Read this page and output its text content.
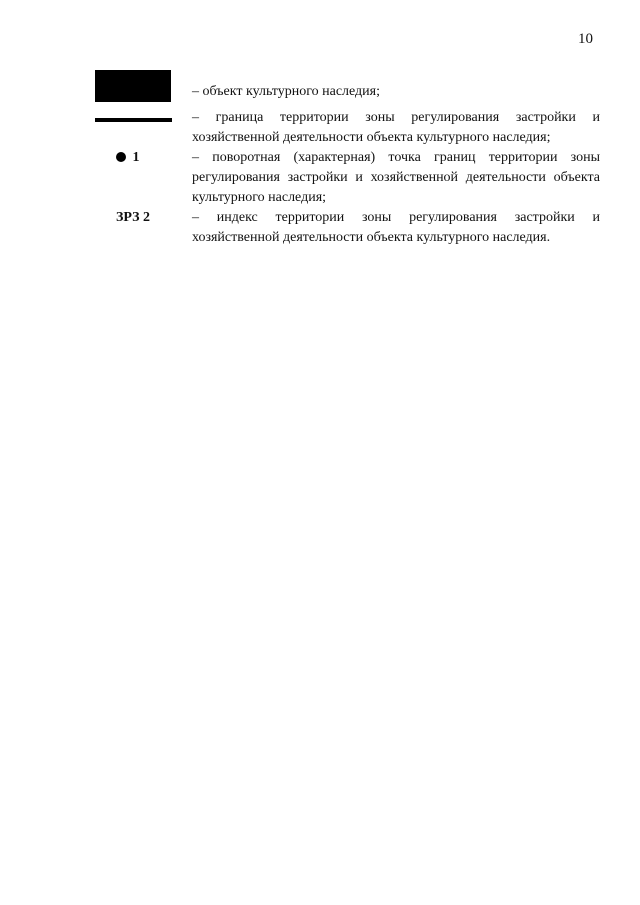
10
– объект культурного наследия;
– граница территории зоны регулирования застройки и хозяйственной деятельности объекта культурного наследия;
1	– поворотная (характерная) точка границ территории зоны регулирования застройки и хозяйственной деятельности объекта культурного наследия;
ЗРЗ 2	– индекс территории зоны регулирования застройки и хозяйственной деятельности объекта культурного наследия.
